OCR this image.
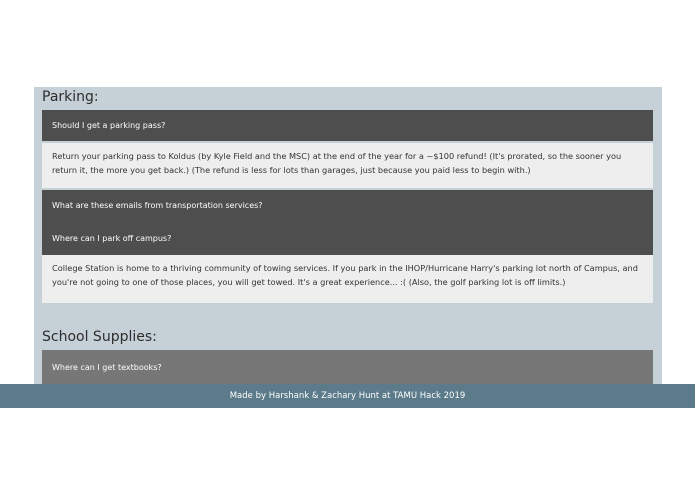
Parking:
Should I get a parking pass?
Return your parking pass to Koldus (by Kyle Field and the MSC) at the end of the year for a ~$100 refund! (It's prorated, so the sooner you return it, the more you get back.) (The refund is less for lots than garages, just because you paid less to begin with.)
What are these emails from transportation services?
Where can I park off campus?
College Station is home to a thriving community of towing services. If you park in the IHOP/Hurricane Harry's parking lot north of Campus, and you're not going to one of those places, you will get towed. It's a great experience... :( (Also, the golf parking lot is off limits.)
School Supplies:
Where can I get textbooks?
Made by Harshank & Zachary Hunt at TAMU Hack 2019
